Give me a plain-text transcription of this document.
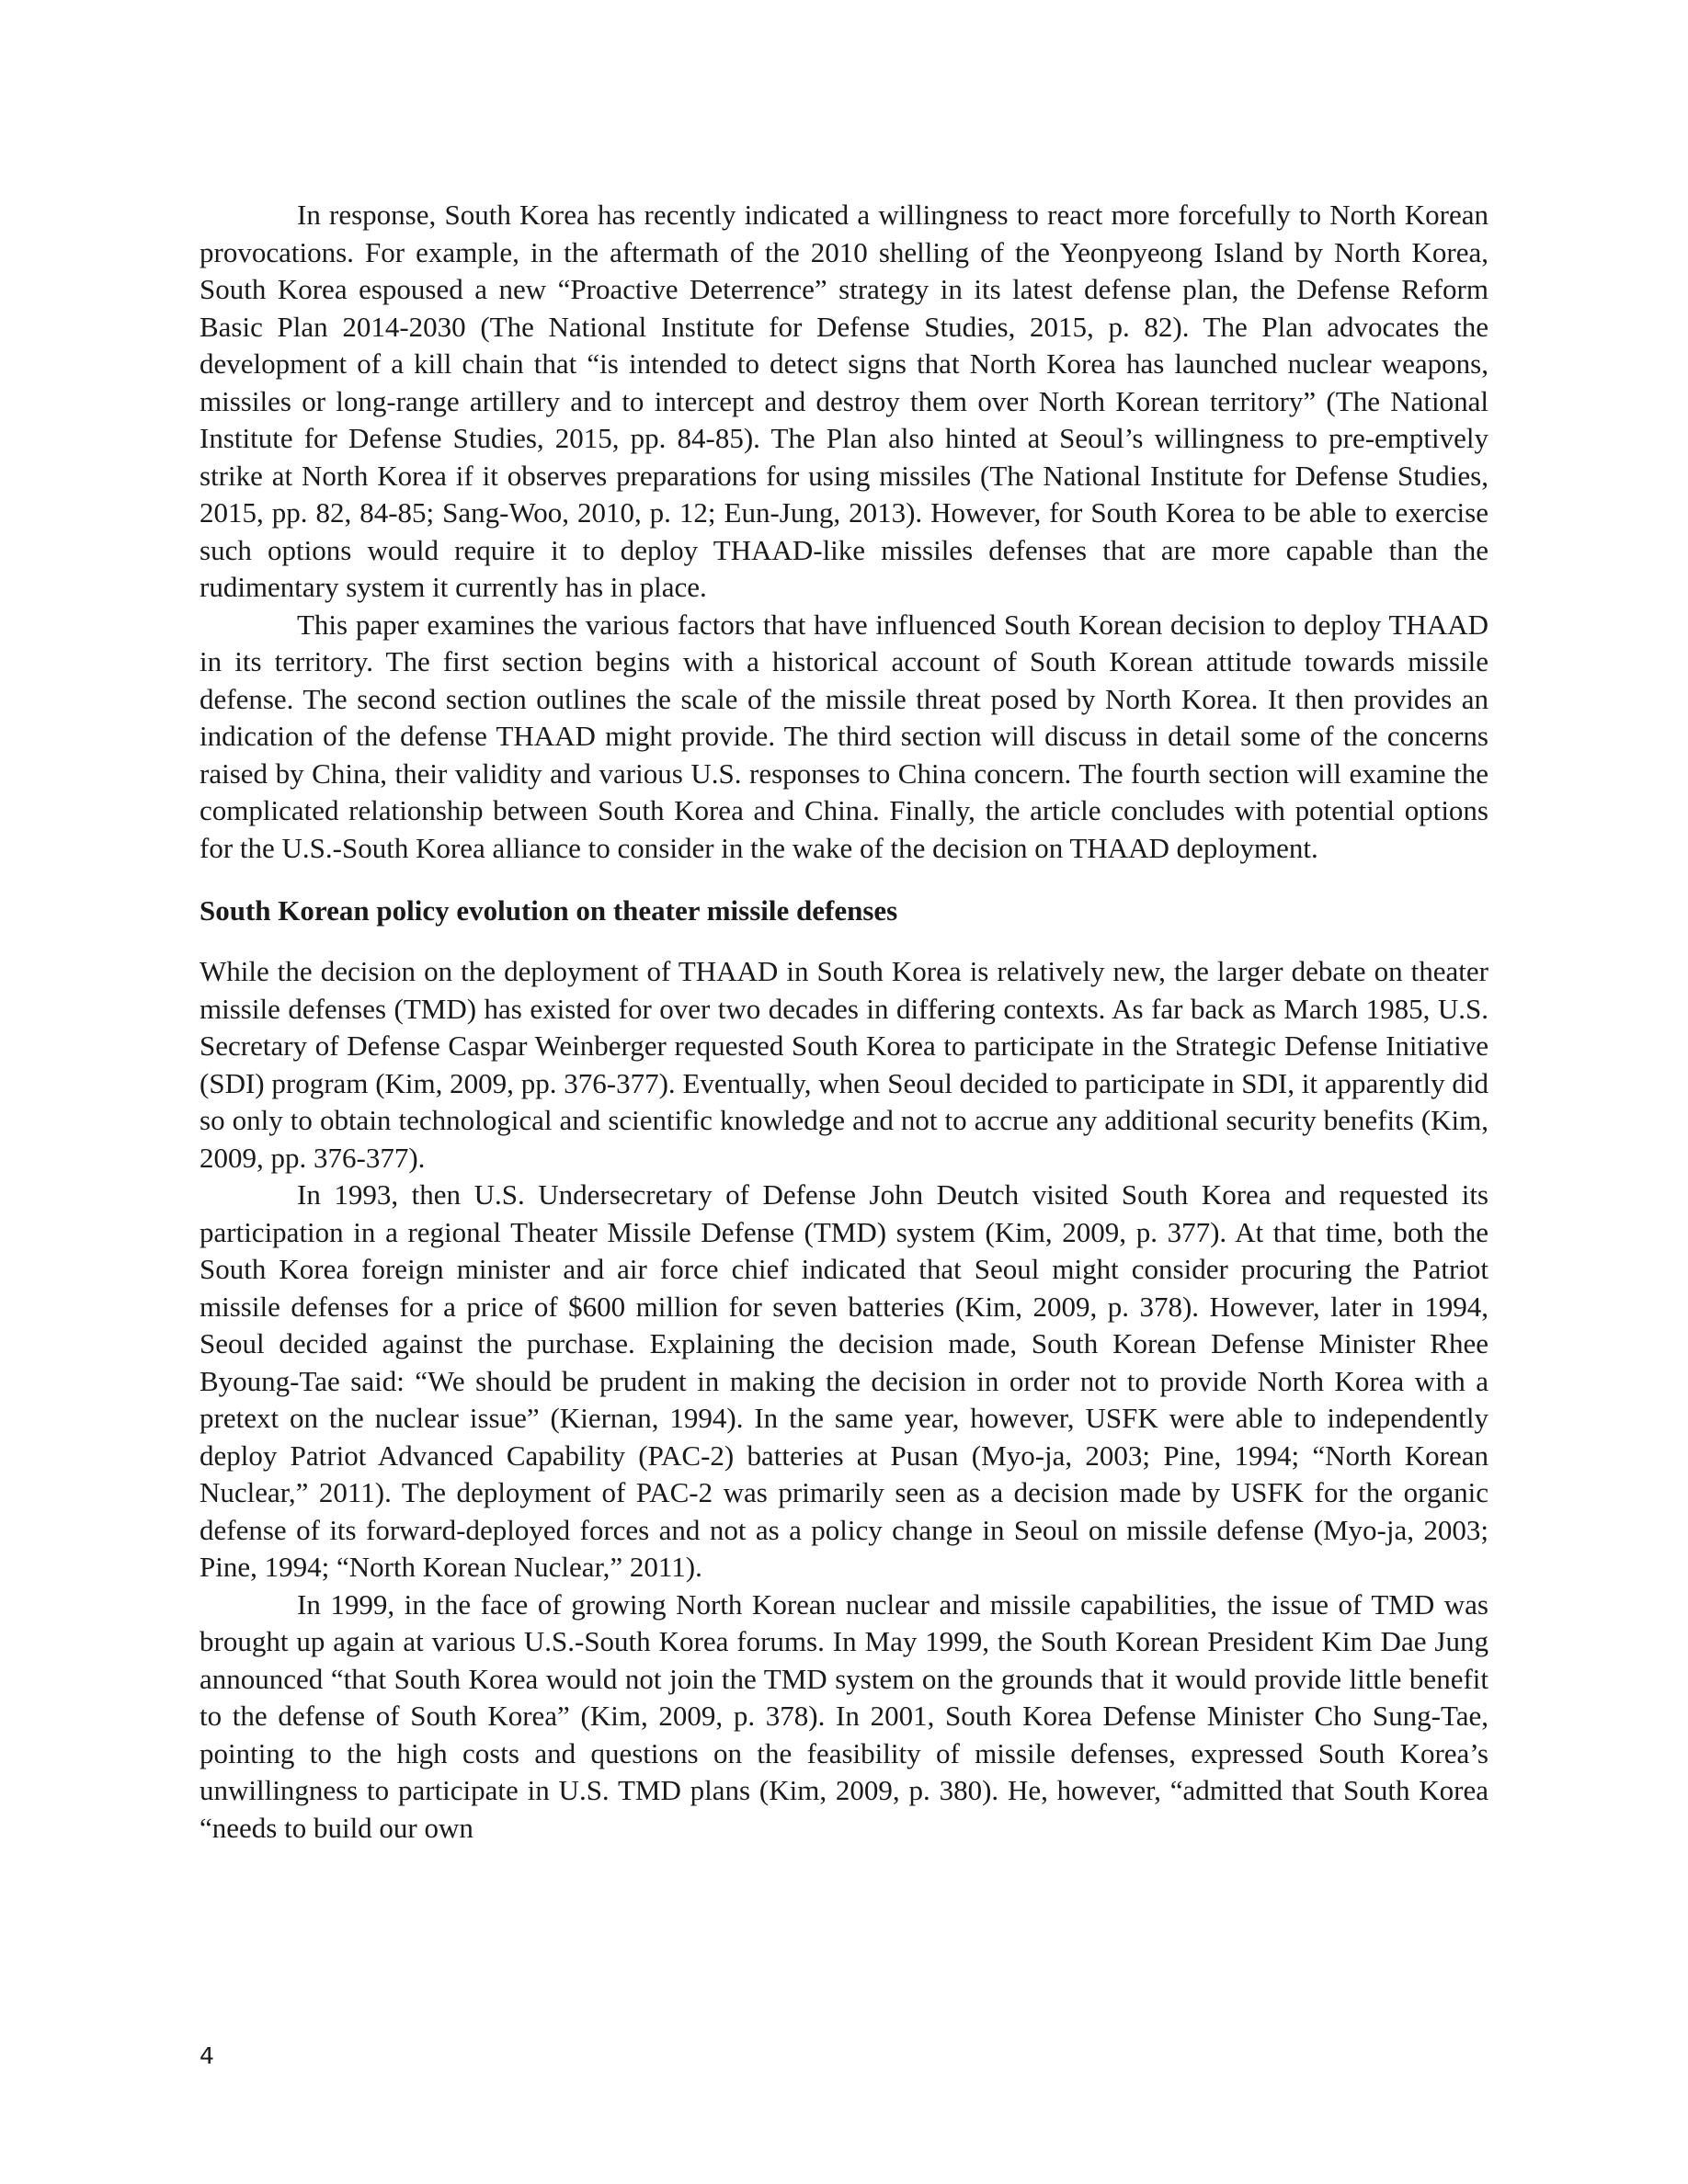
In response, South Korea has recently indicated a willingness to react more forcefully to North Korean provocations. For example, in the aftermath of the 2010 shelling of the Yeonpyeong Island by North Korea, South Korea espoused a new “Proactive Deterrence” strategy in its latest defense plan, the Defense Reform Basic Plan 2014-2030 (The National Institute for Defense Studies, 2015, p. 82). The Plan advocates the development of a kill chain that “is intended to detect signs that North Korea has launched nuclear weapons, missiles or long-range artillery and to intercept and destroy them over North Korean territory” (The National Institute for Defense Studies, 2015, pp. 84-85). The Plan also hinted at Seoul’s willingness to pre-emptively strike at North Korea if it observes preparations for using missiles (The National Institute for Defense Studies, 2015, pp. 82, 84-85; Sang-Woo, 2010, p. 12; Eun-Jung, 2013). However, for South Korea to be able to exercise such options would require it to deploy THAAD-like missiles defenses that are more capable than the rudimentary system it currently has in place.

This paper examines the various factors that have influenced South Korean decision to deploy THAAD in its territory. The first section begins with a historical account of South Korean attitude towards missile defense. The second section outlines the scale of the missile threat posed by North Korea. It then provides an indication of the defense THAAD might provide. The third section will discuss in detail some of the concerns raised by China, their validity and various U.S. responses to China concern. The fourth section will examine the complicated relationship between South Korea and China. Finally, the article concludes with potential options for the U.S.-South Korea alliance to consider in the wake of the decision on THAAD deployment.

South Korean policy evolution on theater missile defenses

While the decision on the deployment of THAAD in South Korea is relatively new, the larger debate on theater missile defenses (TMD) has existed for over two decades in differing contexts. As far back as March 1985, U.S. Secretary of Defense Caspar Weinberger requested South Korea to participate in the Strategic Defense Initiative (SDI) program (Kim, 2009, pp. 376-377). Eventually, when Seoul decided to participate in SDI, it apparently did so only to obtain technological and scientific knowledge and not to accrue any additional security benefits (Kim, 2009, pp. 376-377).

In 1993, then U.S. Undersecretary of Defense John Deutch visited South Korea and requested its participation in a regional Theater Missile Defense (TMD) system (Kim, 2009, p. 377). At that time, both the South Korea foreign minister and air force chief indicated that Seoul might consider procuring the Patriot missile defenses for a price of $600 million for seven batteries (Kim, 2009, p. 378). However, later in 1994, Seoul decided against the purchase. Explaining the decision made, South Korean Defense Minister Rhee Byoung-Tae said: “We should be prudent in making the decision in order not to provide North Korea with a pretext on the nuclear issue” (Kiernan, 1994). In the same year, however, USFK were able to independently deploy Patriot Advanced Capability (PAC-2) batteries at Pusan (Myo-ja, 2003; Pine, 1994; “North Korean Nuclear,” 2011). The deployment of PAC-2 was primarily seen as a decision made by USFK for the organic defense of its forward-deployed forces and not as a policy change in Seoul on missile defense (Myo-ja, 2003; Pine, 1994; “North Korean Nuclear,” 2011).

In 1999, in the face of growing North Korean nuclear and missile capabilities, the issue of TMD was brought up again at various U.S.-South Korea forums. In May 1999, the South Korean President Kim Dae Jung announced “that South Korea would not join the TMD system on the grounds that it would provide little benefit to the defense of South Korea” (Kim, 2009, p. 378). In 2001, South Korea Defense Minister Cho Sung-Tae, pointing to the high costs and questions on the feasibility of missile defenses, expressed South Korea’s unwillingness to participate in U.S. TMD plans (Kim, 2009, p. 380). He, however, “admitted that South Korea “needs to build our own

4
